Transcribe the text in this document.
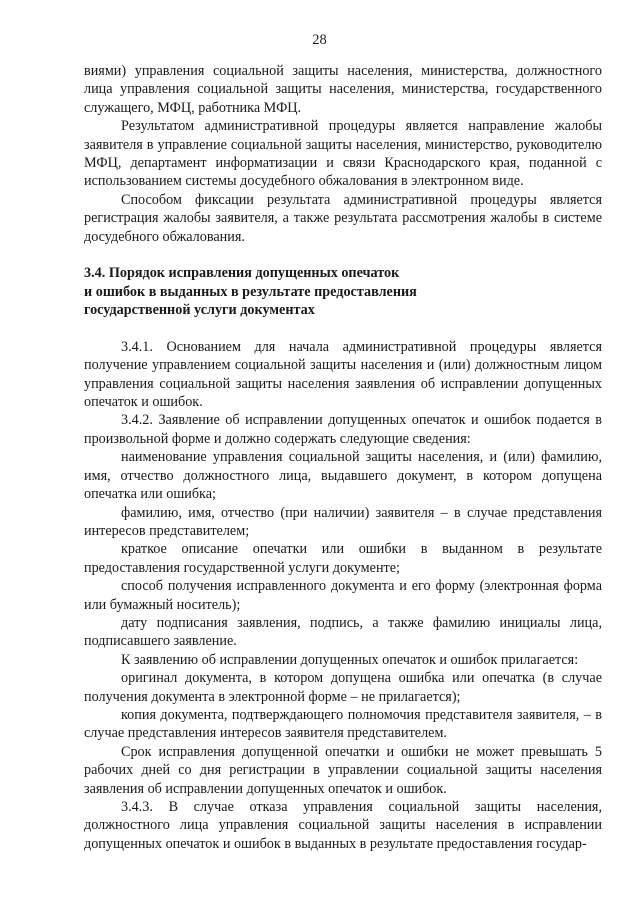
28

виями) управления социальной защиты населения, министерства, должностного лица управления социальной защиты населения, министерства, государственного служащего, МФЦ, работника МФЦ.

Результатом административной процедуры является направление жалобы заявителя в управление социальной защиты населения, министерство, руководителю МФЦ, департамент информатизации и связи Краснодарского края, поданной с использованием системы досудебного обжалования в электронном виде.

Способом фиксации результата административной процедуры является регистрация жалобы заявителя, а также результата рассмотрения жалобы в системе досудебного обжалования.

3.4. Порядок исправления допущенных опечаток

и ошибок в выданных в результате предоставления

государственной услуги документах

3.4.1. Основанием для начала административной процедуры является получение управлением социальной защиты населения и (или) должностным лицом управления социальной защиты населения заявления об исправлении допущенных опечаток и ошибок.

3.4.2. Заявление об исправлении допущенных опечаток и ошибок подается в произвольной форме и должно содержать следующие сведения:

наименование управления социальной защиты населения, и (или) фамилию, имя, отчество должностного лица, выдавшего документ, в котором допущена опечатка или ошибка;

фамилию, имя, отчество (при наличии) заявителя – в случае представления интересов представителем;

краткое описание опечатки или ошибки в выданном в результате предоставления государственной услуги документе;

способ получения исправленного документа и его форму (электронная форма или бумажный носитель);

дату подписания заявления, подпись, а также фамилию инициалы лица, подписавшего заявление.

К заявлению об исправлении допущенных опечаток и ошибок прилагается:

оригинал документа, в котором допущена ошибка или опечатка (в случае получения документа в электронной форме – не прилагается);

копия документа, подтверждающего полномочия представителя заявителя, – в случае представления интересов заявителя представителем.

Срок исправления допущенной опечатки и ошибки не может превышать 5 рабочих дней со дня регистрации в управлении социальной защиты населения заявления об исправлении допущенных опечаток и ошибок.

3.4.3. В случае отказа управления социальной защиты населения, должностного лица управления социальной защиты населения в исправлении допущенных опечаток и ошибок в выданных в результате предоставления государ-
